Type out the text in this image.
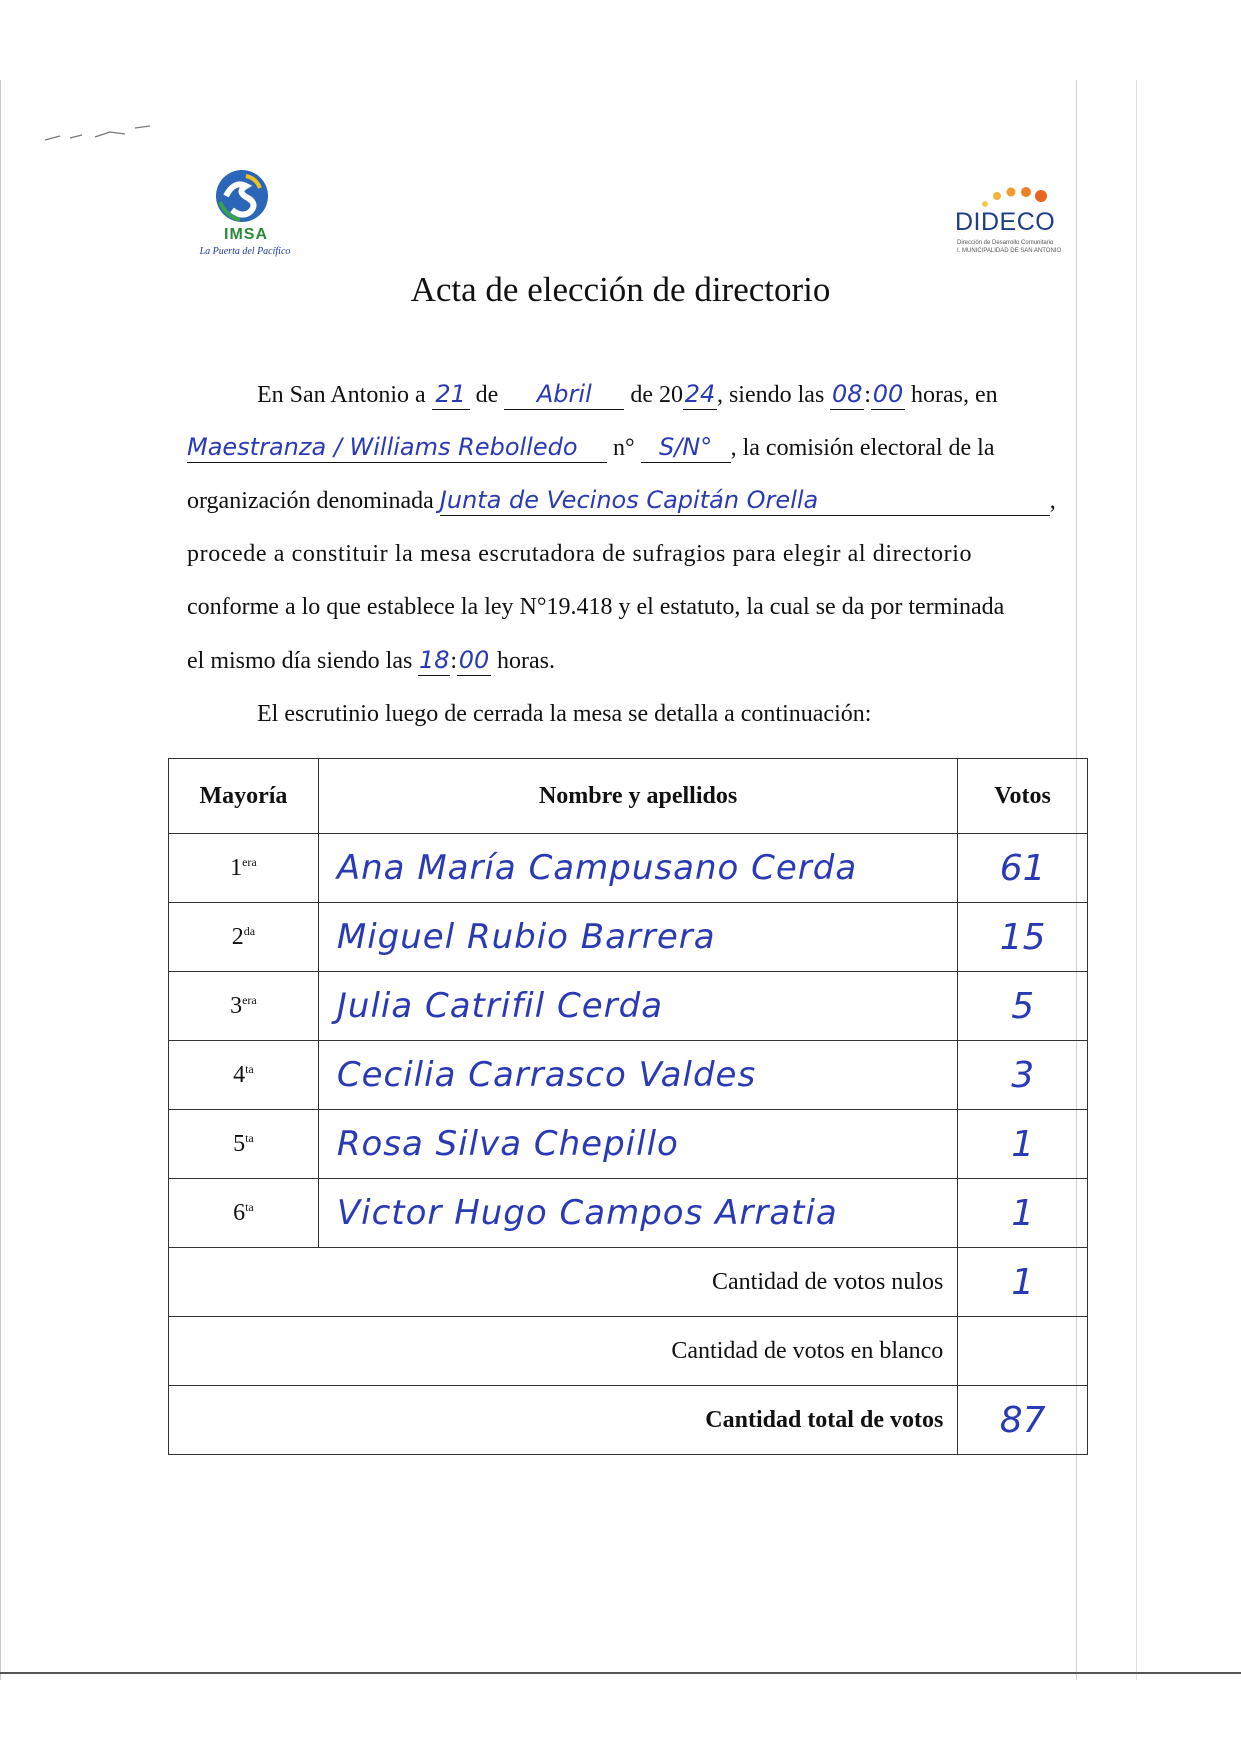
IMSA
La Puerta del Pacífico
DIDECO
Dirección de Desarrollo Comunitario
I. MUNICIPALIDAD DE SAN ANTONIO
Acta de elección de directorio
En San Antonio a 21 de Abril de 2024, siendo las 08:00 horas, en
Maestranza / Williams Rebolledo n° S/N° , la comisión electoral de la
organización denominada Junta de Vecinos Capitán Orella	,
procede a constituir la mesa escrutadora de sufragios para elegir al directorio
conforme a lo que establece la ley N°19.418 y el estatuto, la cual se da por terminada
el mismo día siendo las 18:00 horas.
El escrutinio luego de cerrada la mesa se detalla a continuación:
Mayoría	Nombre y apellidos	Votos
$1^{era}$	Ana María Campusano Cerda	61
$2^{da}$	Miguel Rubio Barrera	15
$3^{era}$	Julia Catrifil Cerda	5
$4^{ta}$	Cecilia Carrasco Valdes	3
$5^{ta}$	Rosa Silva Chepillo	1
$6^{ta}$	Victor Hugo Campos Arratia	1
Cantidad de votos nulos		1
Cantidad de votos en blanco		
Cantidad total de votos		87
